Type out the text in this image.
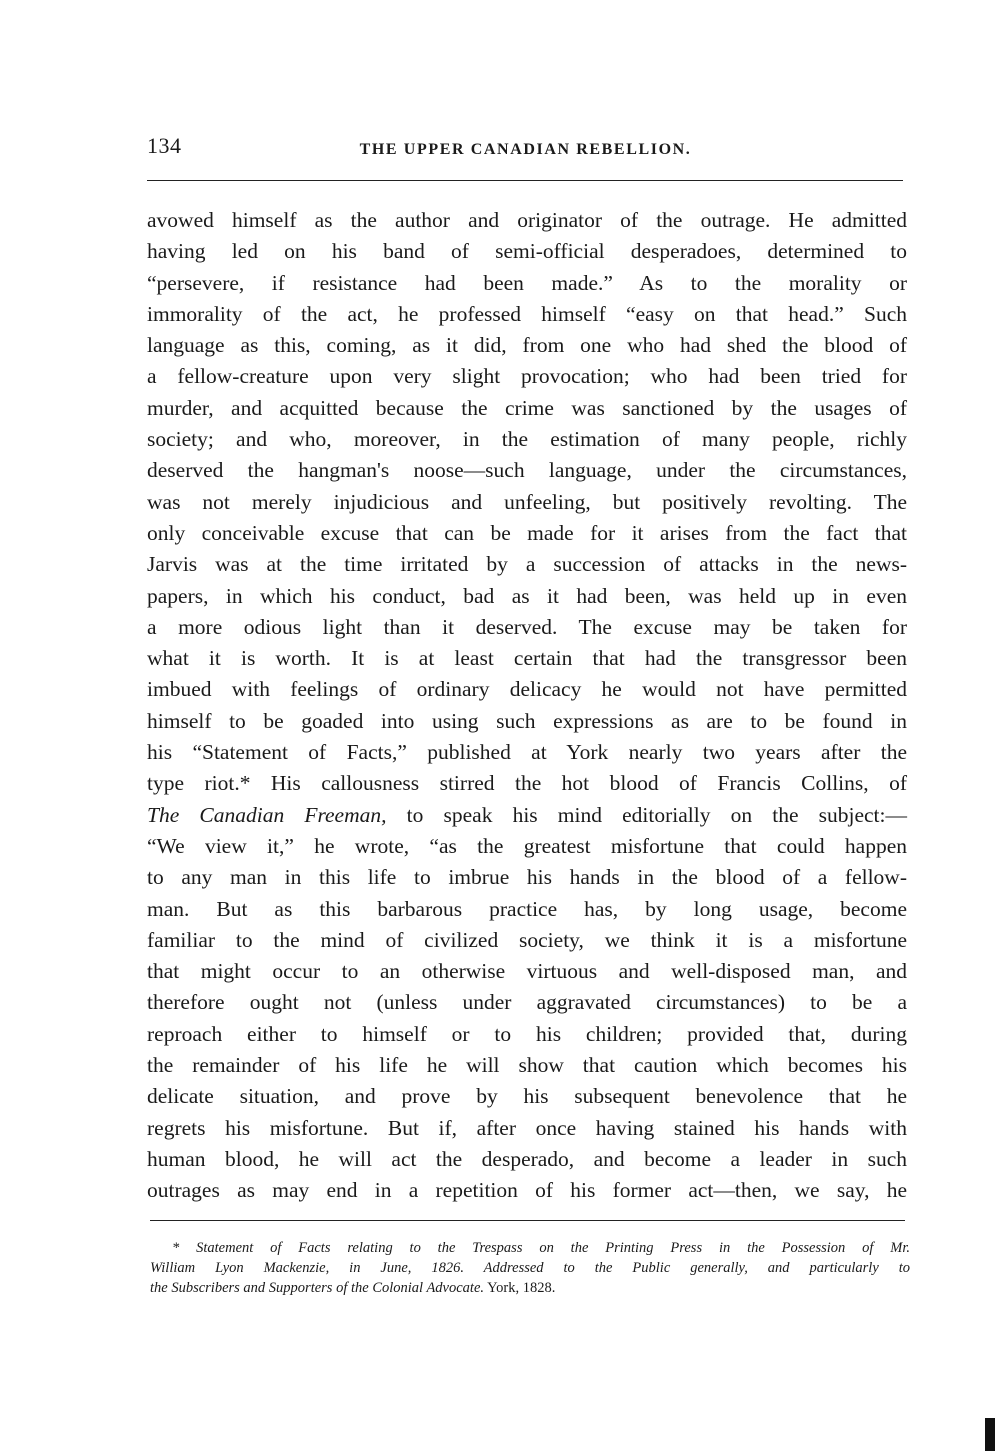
134	THE UPPER CANADIAN REBELLION.
avowed himself as the author and originator of the outrage. He admitted
having led on his band of semi-official desperadoes, determined to
“persevere, if resistance had been made.” As to the morality or
immorality of the act, he professed himself “easy on that head.” Such
language as this, coming, as it did, from one who had shed the blood of
a fellow-creature upon very slight provocation; who had been tried for
murder, and acquitted because the crime was sanctioned by the usages of
society; and who, moreover, in the estimation of many people, richly
deserved the hangman's noose—such language, under the circumstances,
was not merely injudicious and unfeeling, but positively revolting. The
only conceivable excuse that can be made for it arises from the fact that
Jarvis was at the time irritated by a succession of attacks in the news-
papers, in which his conduct, bad as it had been, was held up in even
a more odious light than it deserved. The excuse may be taken for
what it is worth. It is at least certain that had the transgressor been
imbued with feelings of ordinary delicacy he would not have permitted
himself to be goaded into using such expressions as are to be found in
his “Statement of Facts,” published at York nearly two years after the
type riot.* His callousness stirred the hot blood of Francis Collins, of
The Canadian Freeman, to speak his mind editorially on the subject:—
“We view it,” he wrote, “as the greatest misfortune that could happen
to any man in this life to imbrue his hands in the blood of a fellow-
man. But as this barbarous practice has, by long usage, become
familiar to the mind of civilized society, we think it is a misfortune
that might occur to an otherwise virtuous and well-disposed man, and
therefore ought not (unless under aggravated circumstances) to be a
reproach either to himself or to his children; provided that, during
the remainder of his life he will show that caution which becomes his
delicate situation, and prove by his subsequent benevolence that he
regrets his misfortune. But if, after once having stained his hands with
human blood, he will act the desperado, and become a leader in such
outrages as may end in a repetition of his former act—then, we say, he
* Statement of Facts relating to the Trespass on the Printing Press in the Possession of Mr.
William Lyon Mackenzie, in June, 1826. Addressed to the Public generally, and particularly to
the Subscribers and Supporters of the Colonial Advocate. York, 1828.
